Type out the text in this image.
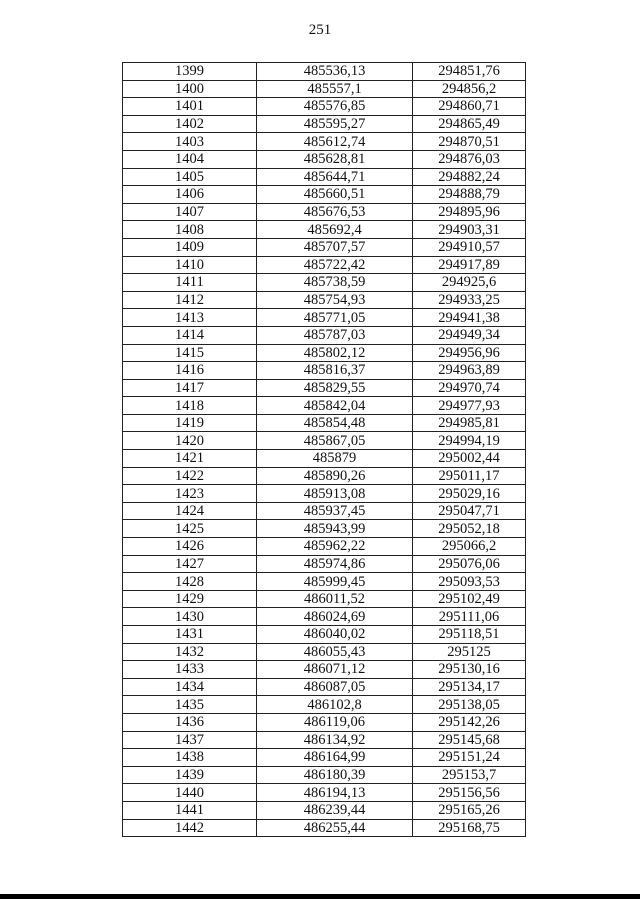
251
1399	485536,13	294851,76
1400	485557,1	294856,2
1401	485576,85	294860,71
1402	485595,27	294865,49
1403	485612,74	294870,51
1404	485628,81	294876,03
1405	485644,71	294882,24
1406	485660,51	294888,79
1407	485676,53	294895,96
1408	485692,4	294903,31
1409	485707,57	294910,57
1410	485722,42	294917,89
1411	485738,59	294925,6
1412	485754,93	294933,25
1413	485771,05	294941,38
1414	485787,03	294949,34
1415	485802,12	294956,96
1416	485816,37	294963,89
1417	485829,55	294970,74
1418	485842,04	294977,93
1419	485854,48	294985,81
1420	485867,05	294994,19
1421	485879	295002,44
1422	485890,26	295011,17
1423	485913,08	295029,16
1424	485937,45	295047,71
1425	485943,99	295052,18
1426	485962,22	295066,2
1427	485974,86	295076,06
1428	485999,45	295093,53
1429	486011,52	295102,49
1430	486024,69	295111,06
1431	486040,02	295118,51
1432	486055,43	295125
1433	486071,12	295130,16
1434	486087,05	295134,17
1435	486102,8	295138,05
1436	486119,06	295142,26
1437	486134,92	295145,68
1438	486164,99	295151,24
1439	486180,39	295153,7
1440	486194,13	295156,56
1441	486239,44	295165,26
1442	486255,44	295168,75
